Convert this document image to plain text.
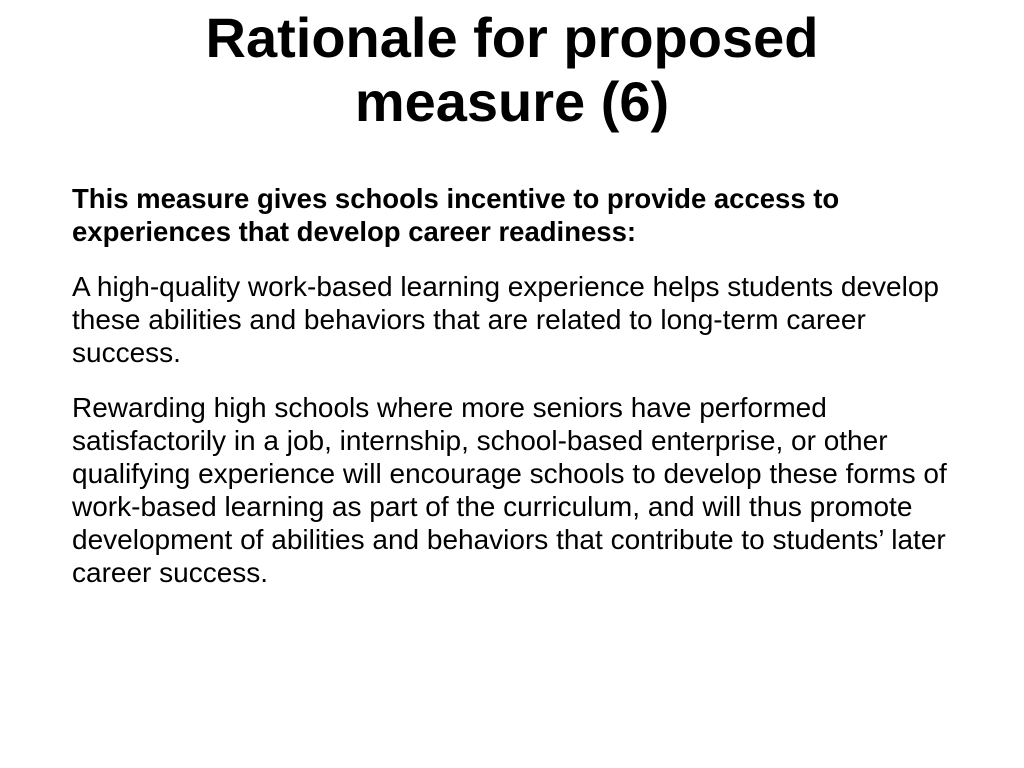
Rationale for proposed
measure (6)

This measure gives schools incentive to provide access to experiences that develop career readiness:

A high-quality work-based learning experience helps students develop these abilities and behaviors that are related to long-term career success.

Rewarding high schools where more seniors have performed satisfactorily in a job, internship, school-based enterprise, or other qualifying experience will encourage schools to develop these forms of work-based learning as part of the curriculum, and will thus promote development of abilities and behaviors that contribute to students’ later career success.
